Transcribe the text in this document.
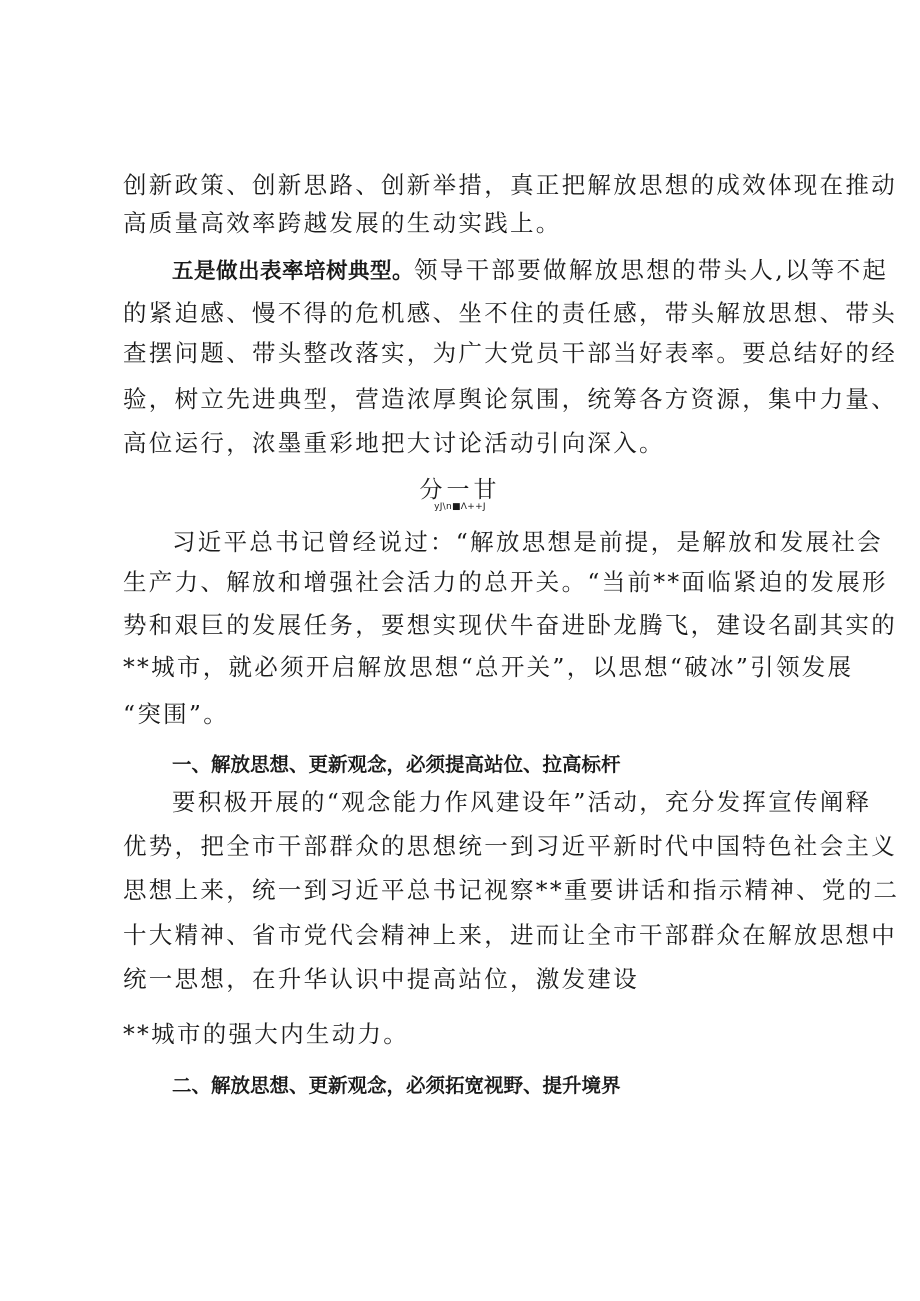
创新政策、创新思路、创新举措，真正把解放思想的成效体现在推动
高质量高效率跨越发展的生动实践上。
五是做出表率培树典型。领导干部要做解放思想的带头人,以等不起
的紧迫感、慢不得的危机感、坐不住的责任感，带头解放思想、带头
查摆问题、带头整改落实，为广大党员干部当好表率。要总结好的经
验，树立先进典型，营造浓厚舆论氛围，统筹各方资源，集中力量、
高位运行，浓墨重彩地把大讨论活动引向深入。
分一甘
yJ\n■Λ++J
习近平总书记曾经说过：“解放思想是前提，是解放和发展社会
生产力、解放和增强社会活力的总开关。“当前**面临紧迫的发展形
势和艰巨的发展任务，要想实现伏牛奋进卧龙腾飞，建设名副其实的
**城市，就必须开启解放思想“总开关”，以思想“破冰”引领发展
“突围”。
一、解放思想、更新观念，必须提高站位、拉高标杆
要积极开展的“观念能力作风建设年”活动，充分发挥宣传阐释
优势，把全市干部群众的思想统一到习近平新时代中国特色社会主义
思想上来，统一到习近平总书记视察**重要讲话和指示精神、党的二
十大精神、省市党代会精神上来，进而让全市干部群众在解放思想中
统一思想，在升华认识中提高站位，激发建设
**城市的强大内生动力。
二、解放思想、更新观念，必须拓宽视野、提升境界
